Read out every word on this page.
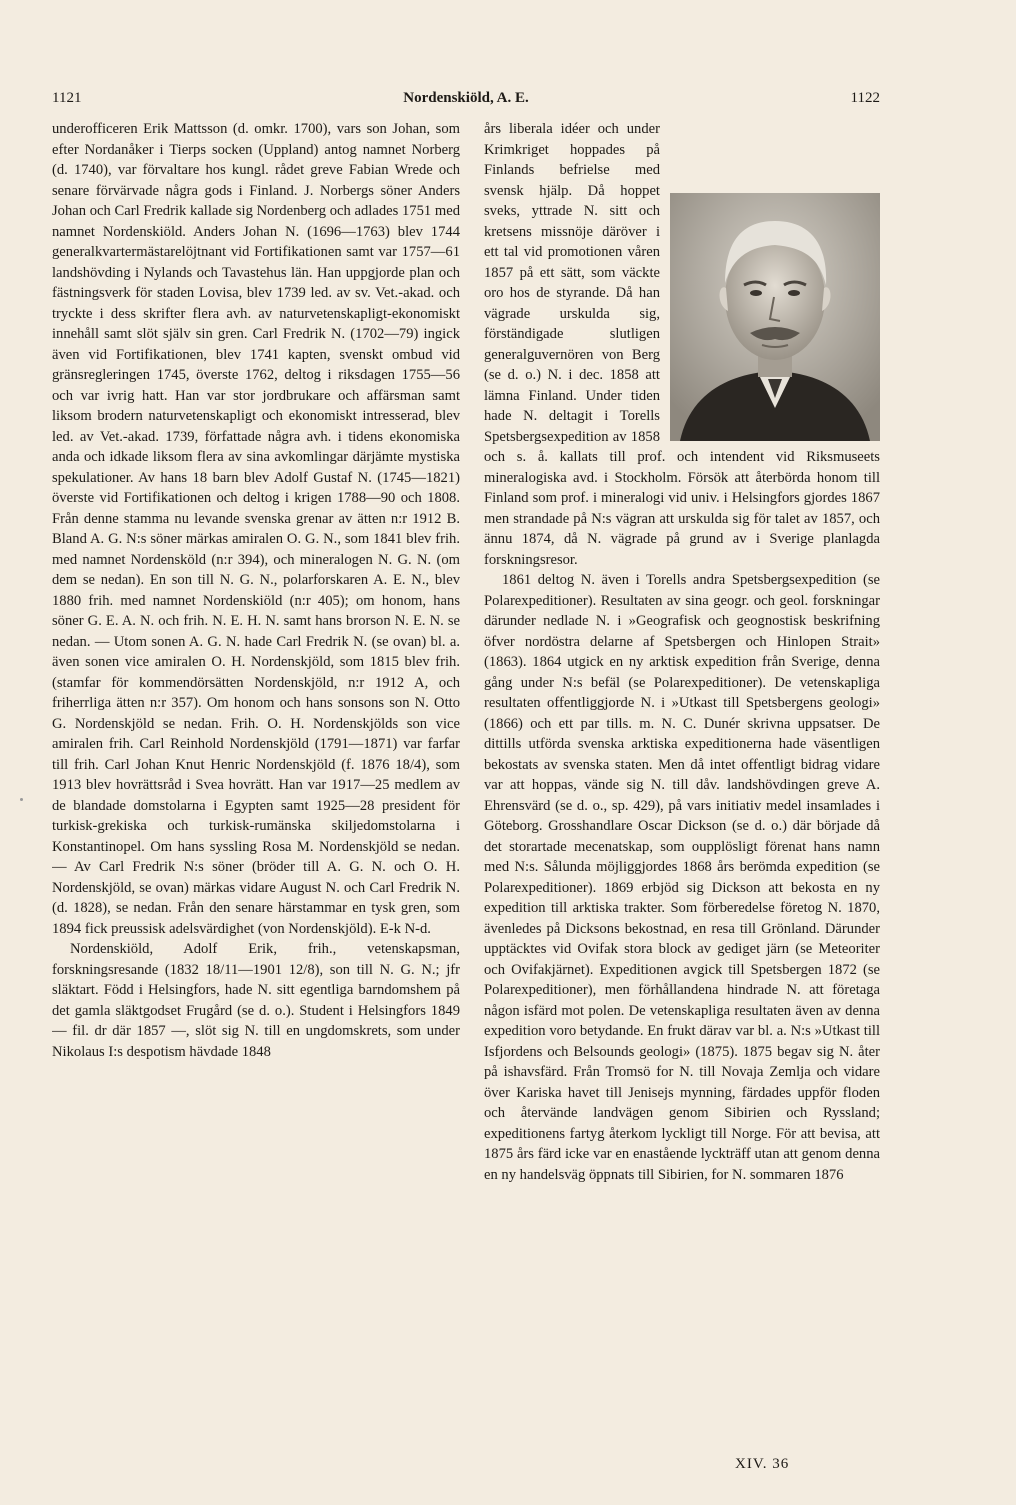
1121	Nordenskiöld, A. E.	1122

underofficeren Erik Mattsson (d. omkr. 1700), vars son Johan, som efter Nordanåker i Tierps socken (Uppland) antog namnet Norberg (d. 1740), var förvaltare hos kungl. rådet greve Fabian Wrede och senare förvärvade några gods i Finland. J. Norbergs söner Anders Johan och Carl Fredrik kallade sig Nordenberg och adlades 1751 med namnet Nordenskiöld. Anders Johan N. (1696—1763) blev 1744 generalkvartermästarelöjtnant vid Fortifikationen samt var 1757—61 landshövding i Nylands och Tavastehus län. Han uppgjorde plan och fästningsverk för staden Lovisa, blev 1739 led. av sv. Vet.-akad. och tryckte i dess skrifter flera avh. av naturvetenskapligt-ekonomiskt innehåll samt slöt själv sin gren. Carl Fredrik N. (1702—79) ingick även vid Fortifikationen, blev 1741 kapten, svenskt ombud vid gränsregleringen 1745, överste 1762, deltog i riksdagen 1755—56 och var ivrig hatt. Han var stor jordbrukare och affärsman samt liksom brodern naturvetenskapligt och ekonomiskt intresserad, blev led. av Vet.-akad. 1739, författade några avh. i tidens ekonomiska anda och idkade liksom flera av sina avkomlingar därjämte mystiska spekulationer. Av hans 18 barn blev Adolf Gustaf N. (1745—1821) överste vid Fortifikationen och deltog i krigen 1788—90 och 1808. Från denne stamma nu levande svenska grenar av ätten n:r 1912 B. Bland A. G. N:s söner märkas amiralen O. G. N., som 1841 blev frih. med namnet Nordensköld (n:r 394), och mineralogen N. G. N. (om dem se nedan). En son till N. G. N., polarforskaren A. E. N., blev 1880 frih. med namnet Nordenskiöld (n:r 405); om honom, hans söner G. E. A. N. och frih. N. E. H. N. samt hans brorson N. E. N. se nedan. — Utom sonen A. G. N. hade Carl Fredrik N. (se ovan) bl. a. även sonen vice amiralen O. H. Nordenskjöld, som 1815 blev frih. (stamfar för kommendörsätten Nordenskjöld, n:r 1912 A, och friherrliga ätten n:r 357). Om honom och hans sonsons son N. Otto G. Nordenskjöld se nedan. Frih. O. H. Nordenskjölds son vice amiralen frih. Carl Reinhold Nordenskjöld (1791—1871) var farfar till frih. Carl Johan Knut Henric Nordenskjöld (f. 1876 18/4), som 1913 blev hovrättsråd i Svea hovrätt. Han var 1917—25 medlem av de blandade domstolarna i Egypten samt 1925—28 president för turkisk-grekiska och turkisk-rumänska skiljedomstolarna i Konstantinopel. Om hans syssling Rosa M. Nordenskjöld se nedan. — Av Carl Fredrik N:s söner (bröder till A. G. N. och O. H. Nordenskjöld, se ovan) märkas vidare August N. och Carl Fredrik N. (d. 1828), se nedan. Från den senare härstammar en tysk gren, som 1894 fick preussisk adelsvärdighet (von Nordenskjöld). E-k N-d.

Nordenskiöld, Adolf Erik, frih., vetenskapsman, forskningsresande (1832 18/11—1901 12/8), son till N. G. N.; jfr släktart. Född i Helsingfors, hade N. sitt egentliga barndomshem på det gamla släktgodset Frugård (se d. o.). Student i Helsingfors 1849 — fil. dr där 1857 —, slöt sig N. till en ungdomskrets, som under Nikolaus I:s despotism hävdade 1848

års liberala idéer och under Krimkriget hoppades på Finlands befrielse med svensk hjälp. Då hoppet sveks, yttrade N. sitt och kretsens missnöje däröver i ett tal vid promotionen våren 1857 på ett sätt, som väckte oro hos de styrande. Då han vägrade urskulda sig, förständigade slutligen generalguvernören von Berg (se d. o.) N. i dec. 1858 att lämna Finland. Under tiden hade N. deltagit i Torells Spetsbergsexpedition av 1858 och s. å. kallats till prof. och intendent vid Riksmuseets mineralogiska avd. i Stockholm. Försök att återbörda honom till Finland som prof. i mineralogi vid univ. i Helsingfors gjordes 1867 men strandade på N:s vägran att urskulda sig för talet av 1857, och ännu 1874, då N. vägrade på grund av i Sverige planlagda forskningsresor.

1861 deltog N. även i Torells andra Spetsbergsexpedition (se Polarexpeditioner). Resultaten av sina geogr. och geol. forskningar därunder nedlade N. i »Geografisk och geognostisk beskrifning öfver nordöstra delarne af Spetsbergen och Hinlopen Strait» (1863). 1864 utgick en ny arktisk expedition från Sverige, denna gång under N:s befäl (se Polarexpeditioner). De vetenskapliga resultaten offentliggjorde N. i »Utkast till Spetsbergens geologi» (1866) och ett par tills. m. N. C. Dunér skrivna uppsatser. De dittills utförda svenska arktiska expeditionerna hade väsentligen bekostats av svenska staten. Men då intet offentligt bidrag vidare var att hoppas, vände sig N. till dåv. landshövdingen greve A. Ehrensvärd (se d. o., sp. 429), på vars initiativ medel insamlades i Göteborg. Grosshandlare Oscar Dickson (se d. o.) där började då det storartade mecenatskap, som oupplösligt förenat hans namn med N:s. Sålunda möjliggjordes 1868 års berömda expedition (se Polarexpeditioner). 1869 erbjöd sig Dickson att bekosta en ny expedition till arktiska trakter. Som förberedelse företog N. 1870, ävenledes på Dicksons bekostnad, en resa till Grönland. Därunder upptäcktes vid Ovifak stora block av gediget järn (se Meteoriter och Ovifakjärnet). Expeditionen avgick till Spetsbergen 1872 (se Polarexpeditioner), men förhållandena hindrade N. att företaga någon isfärd mot polen. De vetenskapliga resultaten även av denna expedition voro betydande. En frukt därav var bl. a. N:s »Utkast till Isfjordens och Belsounds geologi» (1875). 1875 begav sig N. åter på ishavsfärd. Från Tromsö for N. till Novaja Zemlja och vidare över Kariska havet till Jenisejs mynning, färdades uppför floden och återvände landvägen genom Sibirien och Ryssland; expeditionens fartyg återkom lyckligt till Norge. För att bevisa, att 1875 års färd icke var en enastående lyckträff utan att genom denna en ny handelsväg öppnats till Sibirien, for N. sommaren 1876

XIV. 36
